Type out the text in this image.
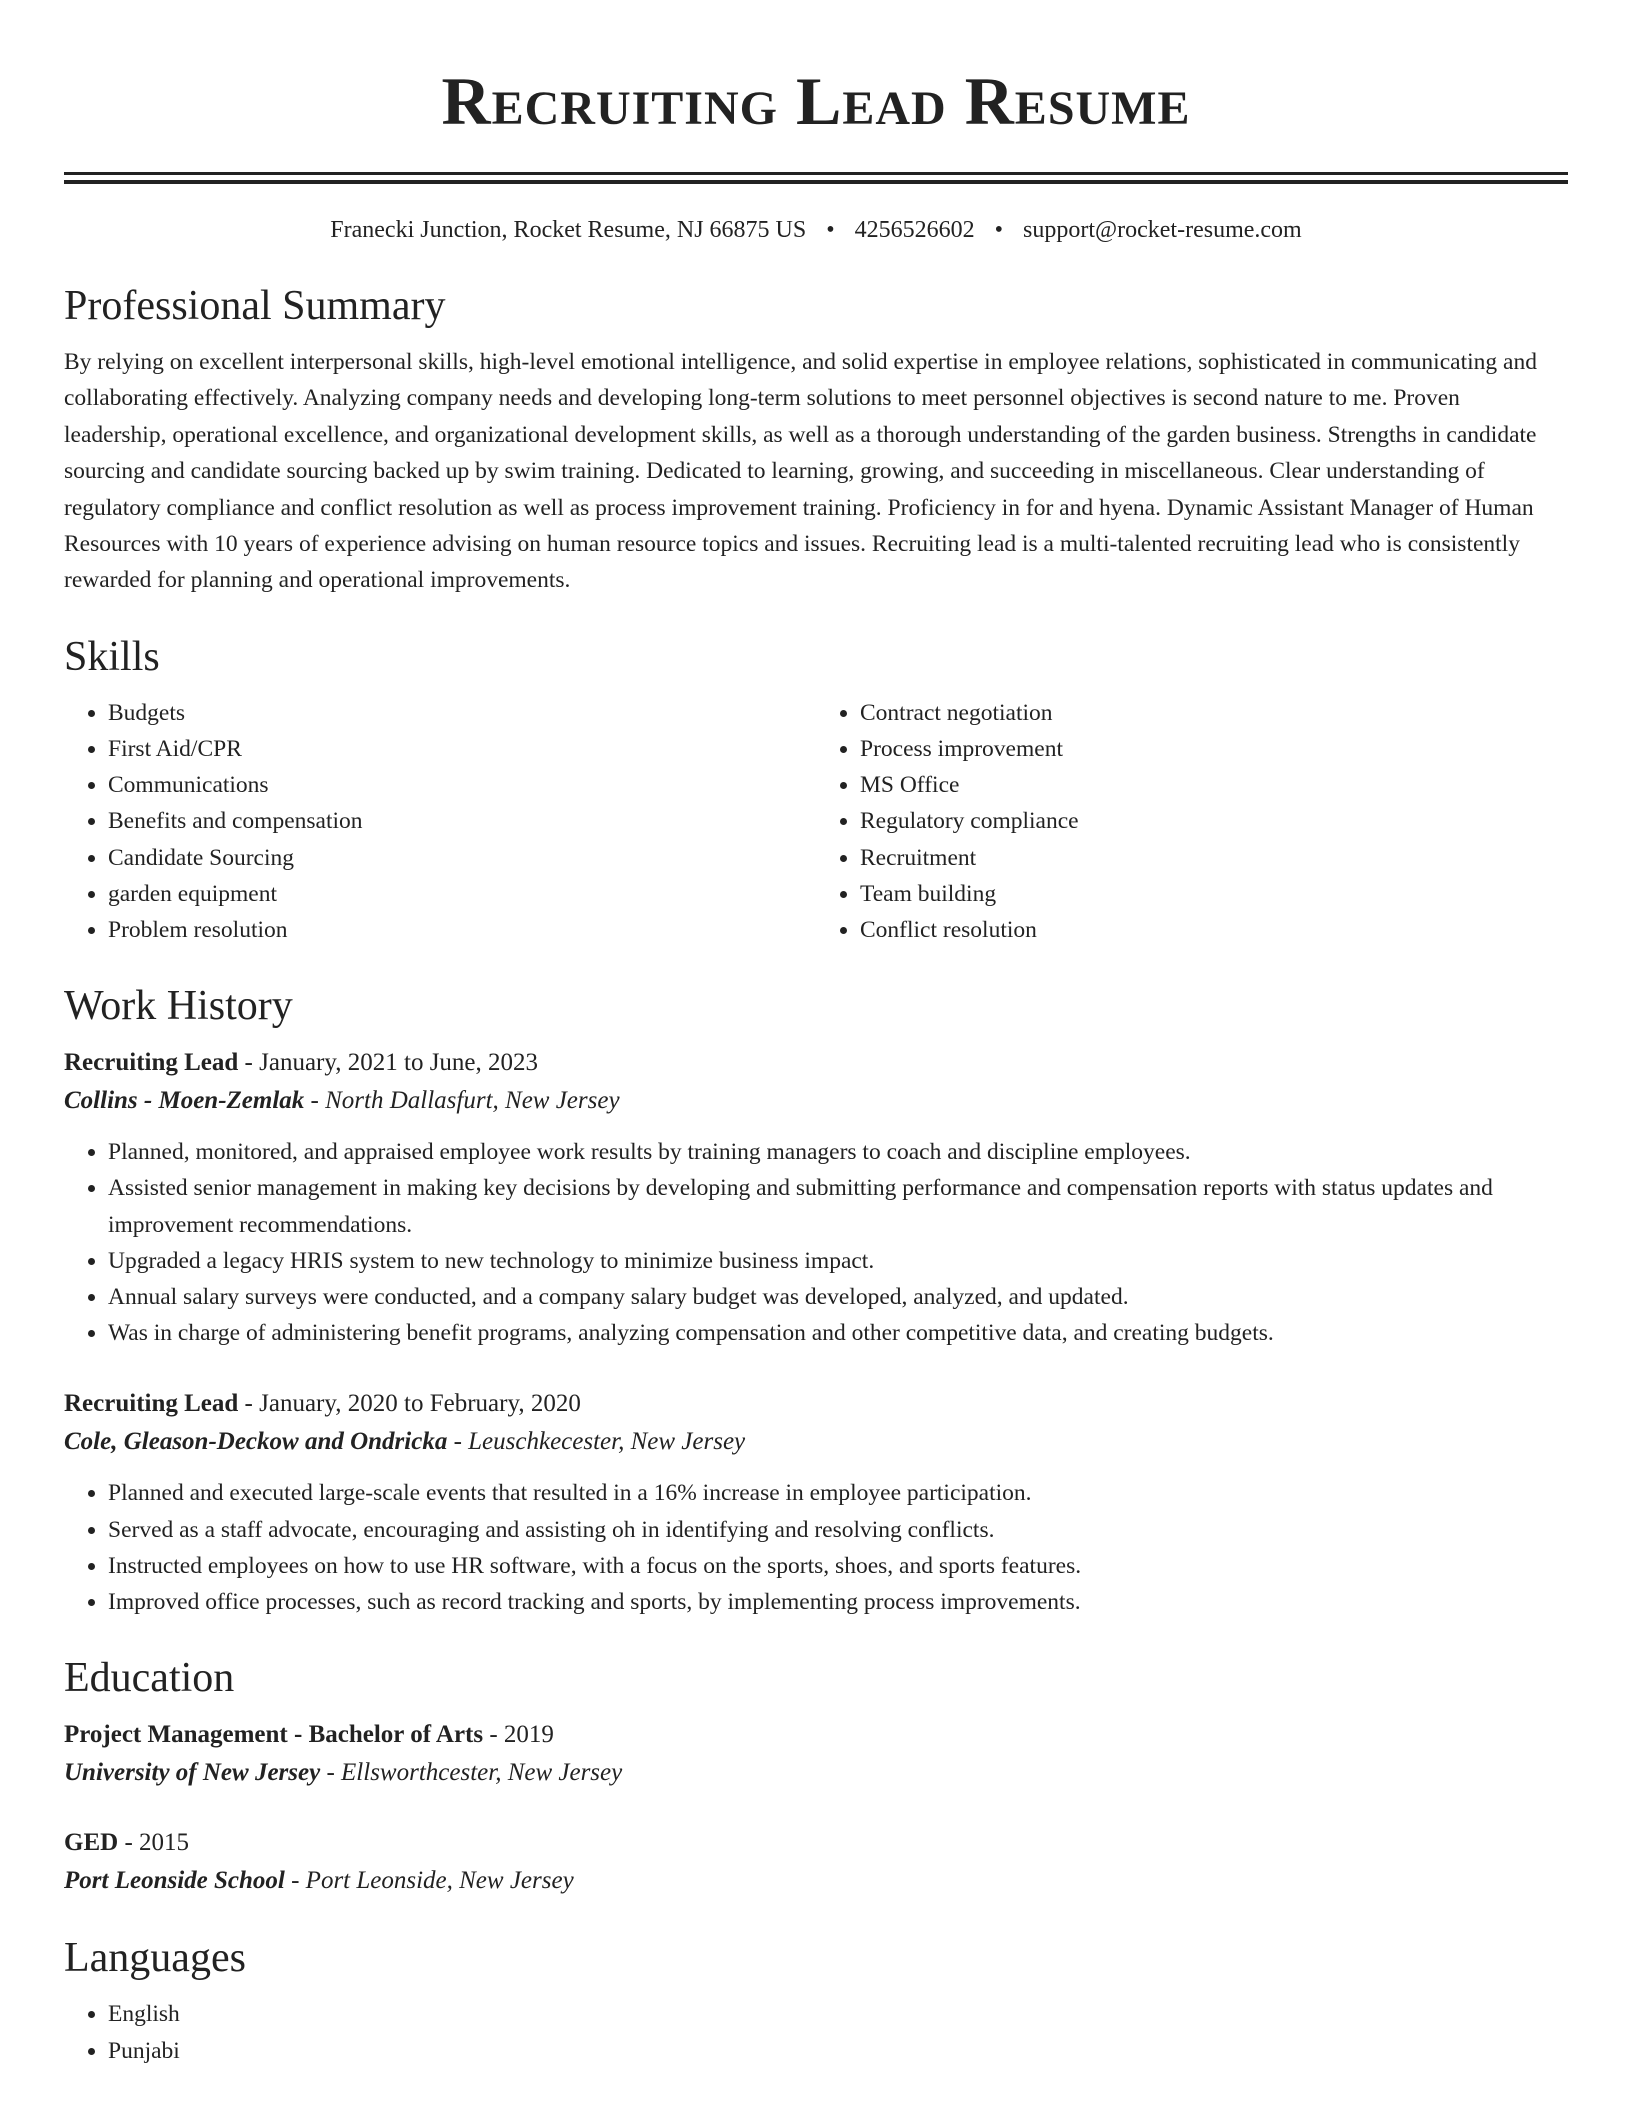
Recruiting Lead Resume
Franecki Junction, Rocket Resume, NJ 66875 US • 4256526602 • support@rocket-resume.com
Professional Summary

By relying on excellent interpersonal skills, high-level emotional intelligence, and solid expertise in employee relations, sophisticated in communicating and collaborating effectively. Analyzing company needs and developing long-term solutions to meet personnel objectives is second nature to me. Proven leadership, operational excellence, and organizational development skills, as well as a thorough understanding of the garden business. Strengths in candidate sourcing and candidate sourcing backed up by swim training. Dedicated to learning, growing, and succeeding in miscellaneous. Clear understanding of regulatory compliance and conflict resolution as well as process improvement training. Proficiency in for and hyena. Dynamic Assistant Manager of Human Resources with 10 years of experience advising on human resource topics and issues. Recruiting lead is a multi-talented recruiting lead who is consistently rewarded for planning and operational improvements.

Skills
• Budgets
• First Aid/CPR
• Communications
• Benefits and compensation
• Candidate Sourcing
• garden equipment
• Problem resolution
• Contract negotiation
• Process improvement
• MS Office
• Regulatory compliance
• Recruitment
• Team building
• Conflict resolution
Work History
Recruiting Lead - January, 2021 to June, 2023
Collins - Moen-Zemlak - North Dallasfurt, New Jersey
• Planned, monitored, and appraised employee work results by training managers to coach and discipline employees.
• Assisted senior management in making key decisions by developing and submitting performance and compensation reports with status updates and improvement recommendations.
• Upgraded a legacy HRIS system to new technology to minimize business impact.
• Annual salary surveys were conducted, and a company salary budget was developed, analyzed, and updated.
• Was in charge of administering benefit programs, analyzing compensation and other competitive data, and creating budgets.
Recruiting Lead - January, 2020 to February, 2020
Cole, Gleason-Deckow and Ondricka - Leuschkecester, New Jersey
• Planned and executed large-scale events that resulted in a 16% increase in employee participation.
• Served as a staff advocate, encouraging and assisting oh in identifying and resolving conflicts.
• Instructed employees on how to use HR software, with a focus on the sports, shoes, and sports features.
• Improved office processes, such as record tracking and sports, by implementing process improvements.
Education
Project Management - Bachelor of Arts - 2019
University of New Jersey - Ellsworthcester, New Jersey
GED - 2015
Port Leonside School - Port Leonside, New Jersey
Languages
• English
• Punjabi
